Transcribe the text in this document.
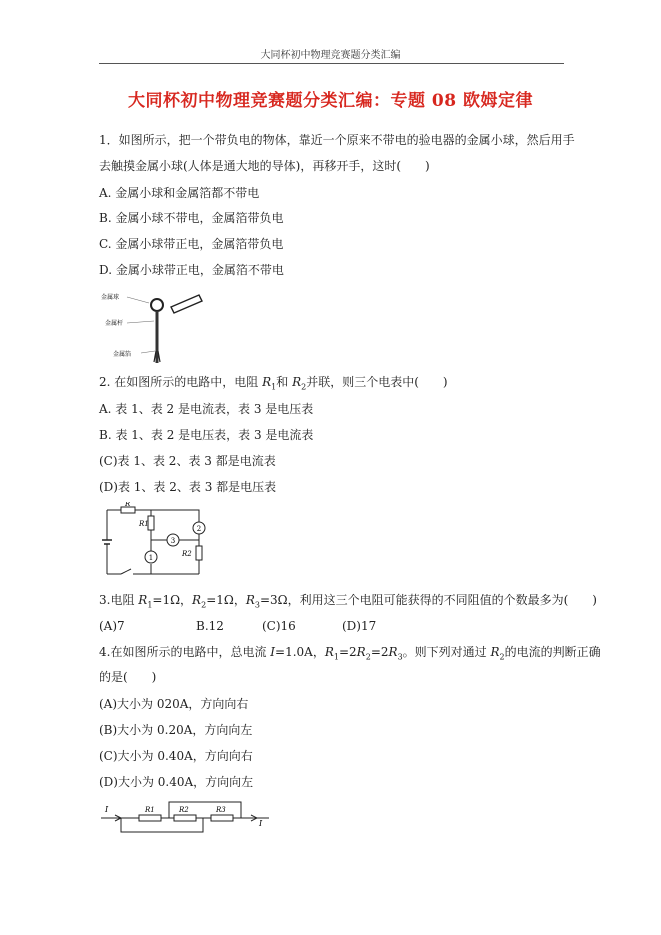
大同杯初中物理竞赛题分类汇编
大同杯初中物理竞赛题分类汇编：专题 08 欧姆定律
1．如图所示，把一个带负电的物体，靠近一个原来不带电的验电器的金属小球，然后用手
去触摸金属小球(人体是通大地的导体)，再移开手，这时(　　)
A. 金属小球和金属箔都不带电
B. 金属小球不带电，金属箔带负电
C. 金属小球带正电，金属箔带负电
D. 金属小球带正电，金属箔不带电
金属球
金属杆
金属箔
2. 在如图所示的电路中，电阻 $R_1$和 $R_2$并联，则三个电表中(　　)
A. 表 1、表 2 是电流表，表 3 是电压表
B. 表 1、表 2 是电压表，表 3 是电流表
(C)表 1、表 2、表 3 都是电流表
(D)表 1、表 2、表 3 都是电压表
R
R1
R2
1
2
3
3.电阻 $R_1=1\Omega$，$R_2=1\Omega$，$R_3=3\Omega$，利用这三个电阻可能获得的不同阻值的个数最多为(　　)
(A)7	B.12	(C)16	(D)17
4.在如图所示的电路中，总电流 I=1.0A，$R_1=2R_2=2R_3$。则下列对通过 $R_2$的电流的判断正确
的是(　　)
(A)大小为 020A，方向向右
(B)大小为 0.20A，方向向左
(C)大小为 0.40A，方向向右
(D)大小为 0.40A，方向向左
I
I
R1	R2	R3
